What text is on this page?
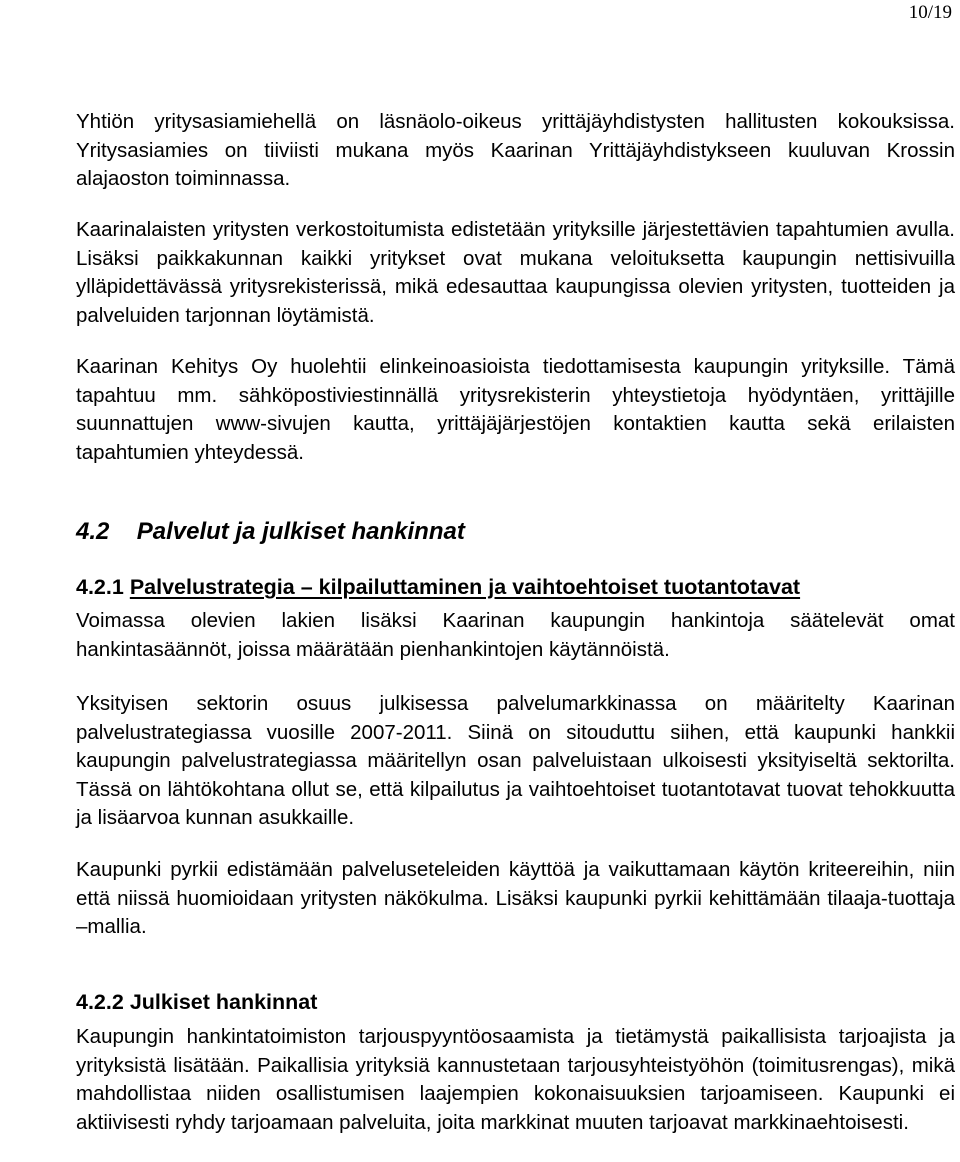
10/19

Yhtiön yritysasiamiehellä on läsnäolo-oikeus yrittäjäyhdistysten hallitusten kokouksissa. Yritysasiamies on tiiviisti mukana myös Kaarinan Yrittäjäyhdistykseen kuuluvan Krossin alajaoston toiminnassa.

Kaarinalaisten yritysten verkostoitumista edistetään yrityksille järjestettävien tapahtumien avulla. Lisäksi paikkakunnan kaikki yritykset ovat mukana veloituksetta kaupungin nettisivuilla ylläpidettävässä yritysrekisterissä, mikä edesauttaa kaupungissa olevien yritysten, tuotteiden ja palveluiden tarjonnan löytämistä.

Kaarinan Kehitys Oy huolehtii elinkeinoasioista tiedottamisesta kaupungin yrityksille. Tämä tapahtuu mm. sähköpostiviestinnällä yritysrekisterin yhteystietoja hyödyntäen, yrittäjille suunnattujen www-sivujen kautta, yrittäjäjärjestöjen kontaktien kautta sekä erilaisten tapahtumien yhteydessä.

4.2 Palvelut ja julkiset hankinnat
4.2.1 Palvelustrategia – kilpailuttaminen ja vaihtoehtoiset tuotantotavat

Voimassa olevien lakien lisäksi Kaarinan kaupungin hankintoja säätelevät omat hankintasäännöt, joissa määrätään pienhankintojen käytännöistä.

Yksityisen sektorin osuus julkisessa palvelumarkkinassa on määritelty Kaarinan palvelustrategiassa vuosille 2007-2011. Siinä on sitouduttu siihen, että kaupunki hankkii kaupungin palvelustrategiassa määritellyn osan palveluistaan ulkoisesti yksityiseltä sektorilta. Tässä on lähtökohtana ollut se, että kilpailutus ja vaihtoehtoiset tuotantotavat tuovat tehokkuutta ja lisäarvoa kunnan asukkaille.

Kaupunki pyrkii edistämään palveluseteleiden käyttöä ja vaikuttamaan käytön kriteereihin, niin että niissä huomioidaan yritysten näkökulma. Lisäksi kaupunki pyrkii kehittämään tilaaja-tuottaja –mallia.

4.2.2 Julkiset hankinnat

Kaupungin hankintatoimiston tarjouspyyntöosaamista ja tietämystä paikallisista tarjoajista ja yrityksistä lisätään. Paikallisia yrityksiä kannustetaan tarjousyhteistyöhön (toimitusrengas), mikä mahdollistaa niiden osallistumisen laajempien kokonaisuuksien tarjoamiseen. Kaupunki ei aktiivisesti ryhdy tarjoamaan palveluita, joita markkinat muuten tarjoavat markkinaehtoisesti.
